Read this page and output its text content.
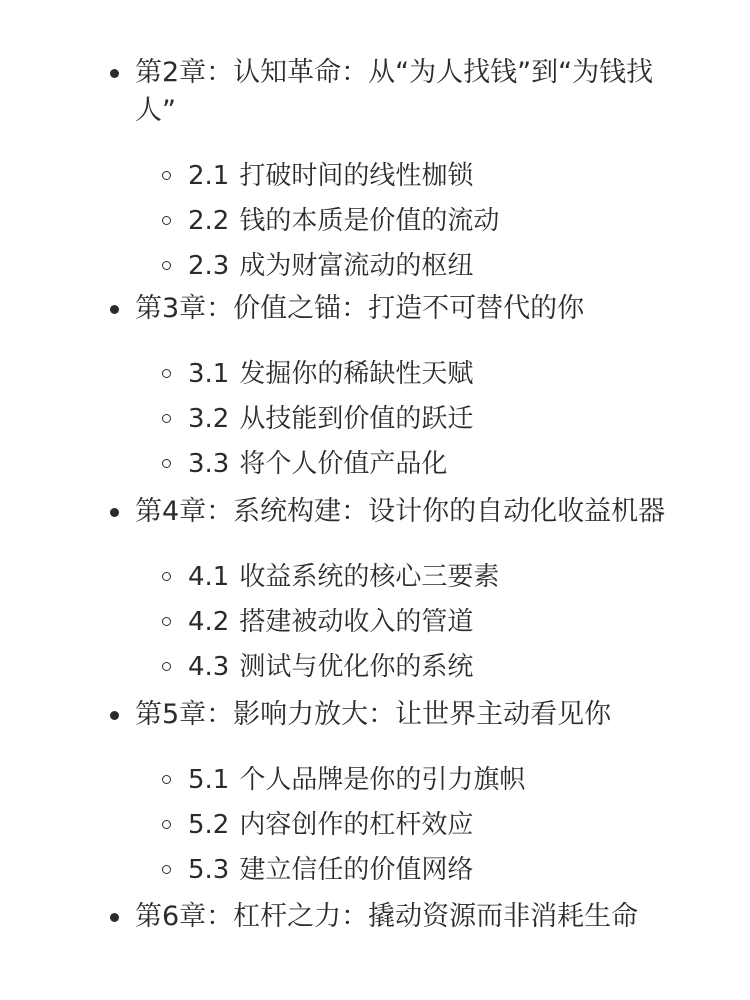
第2章：认知革命：从“为人找钱”到“为钱找人”
2.1 打破时间的线性枷锁
2.2 钱的本质是价值的流动
2.3 成为财富流动的枢纽
第3章：价值之锚：打造不可替代的你
3.1 发掘你的稀缺性天赋
3.2 从技能到价值的跃迁
3.3 将个人价值产品化
第4章：系统构建：设计你的自动化收益机器
4.1 收益系统的核心三要素
4.2 搭建被动收入的管道
4.3 测试与优化你的系统
第5章：影响力放大：让世界主动看见你
5.1 个人品牌是你的引力旗帜
5.2 内容创作的杠杆效应
5.3 建立信任的价值网络
第6章：杠杆之力：撬动资源而非消耗生命
